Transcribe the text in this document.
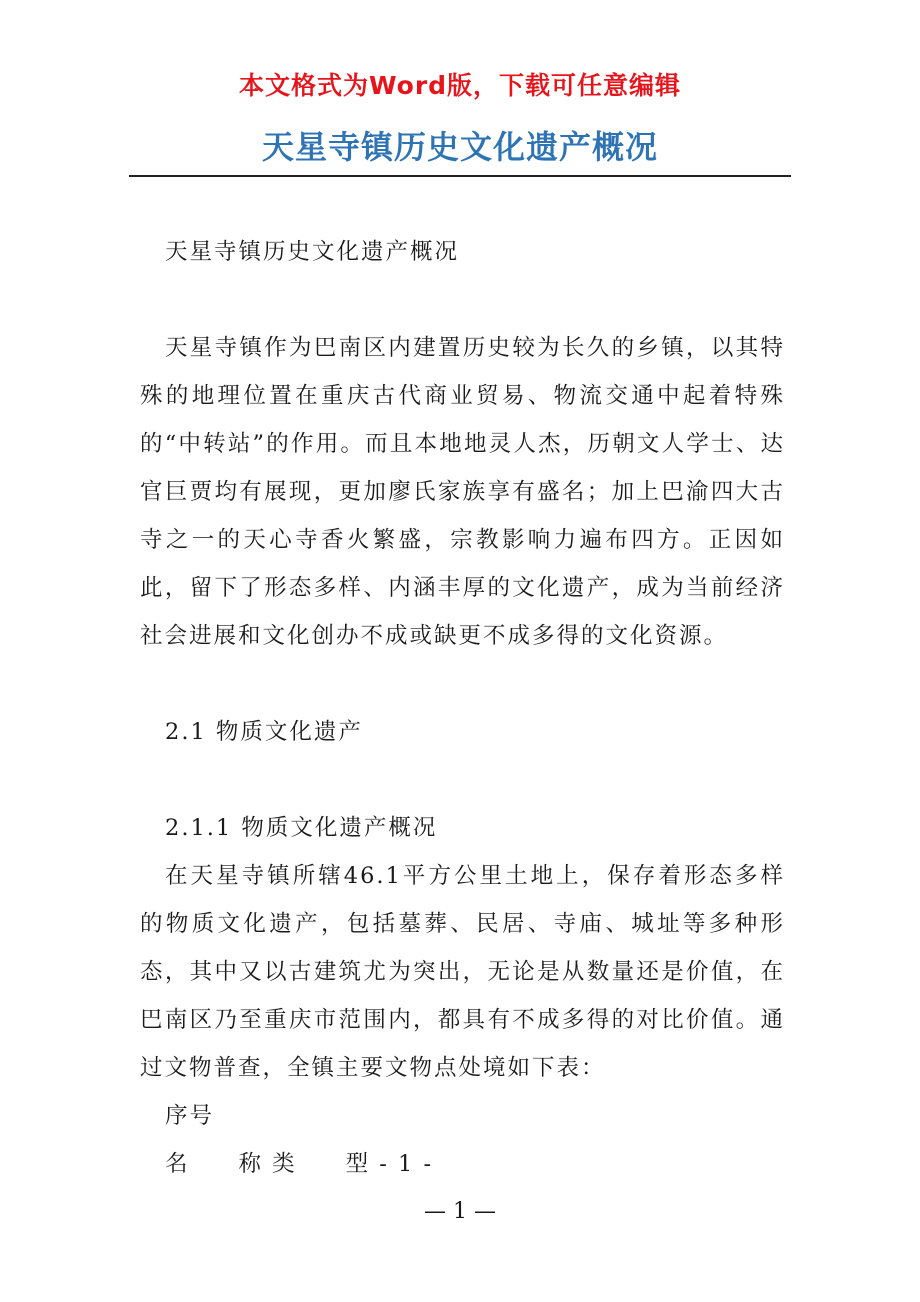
本文格式为Word版，下载可任意编辑
天星寺镇历史文化遗产概况

天星寺镇历史文化遗产概况

天星寺镇作为巴南区内建置历史较为长久的乡镇，以其特殊的地理位置在重庆古代商业贸易、物流交通中起着特殊的“中转站”的作用。而且本地地灵人杰，历朝文人学士、达官巨贾均有展现，更加廖氏家族享有盛名；加上巴渝四大古寺之一的天心寺香火繁盛，宗教影响力遍布四方。正因如此，留下了形态多样、内涵丰厚的文化遗产，成为当前经济社会进展和文化创办不成或缺更不成多得的文化资源。

2.1 物质文化遗产

2.1.1 物质文化遗产概况

在天星寺镇所辖46.1平方公里土地上，保存着形态多样的物质文化遗产，包括墓葬、民居、寺庙、城址等多种形态，其中又以古建筑尤为突出，无论是从数量还是价值，在巴南区乃至重庆市范围内，都具有不成多得的对比价值。通过文物普查，全镇主要文物点处境如下表：

序号

名　　称 类　　型 - 1 -

— 1 —
